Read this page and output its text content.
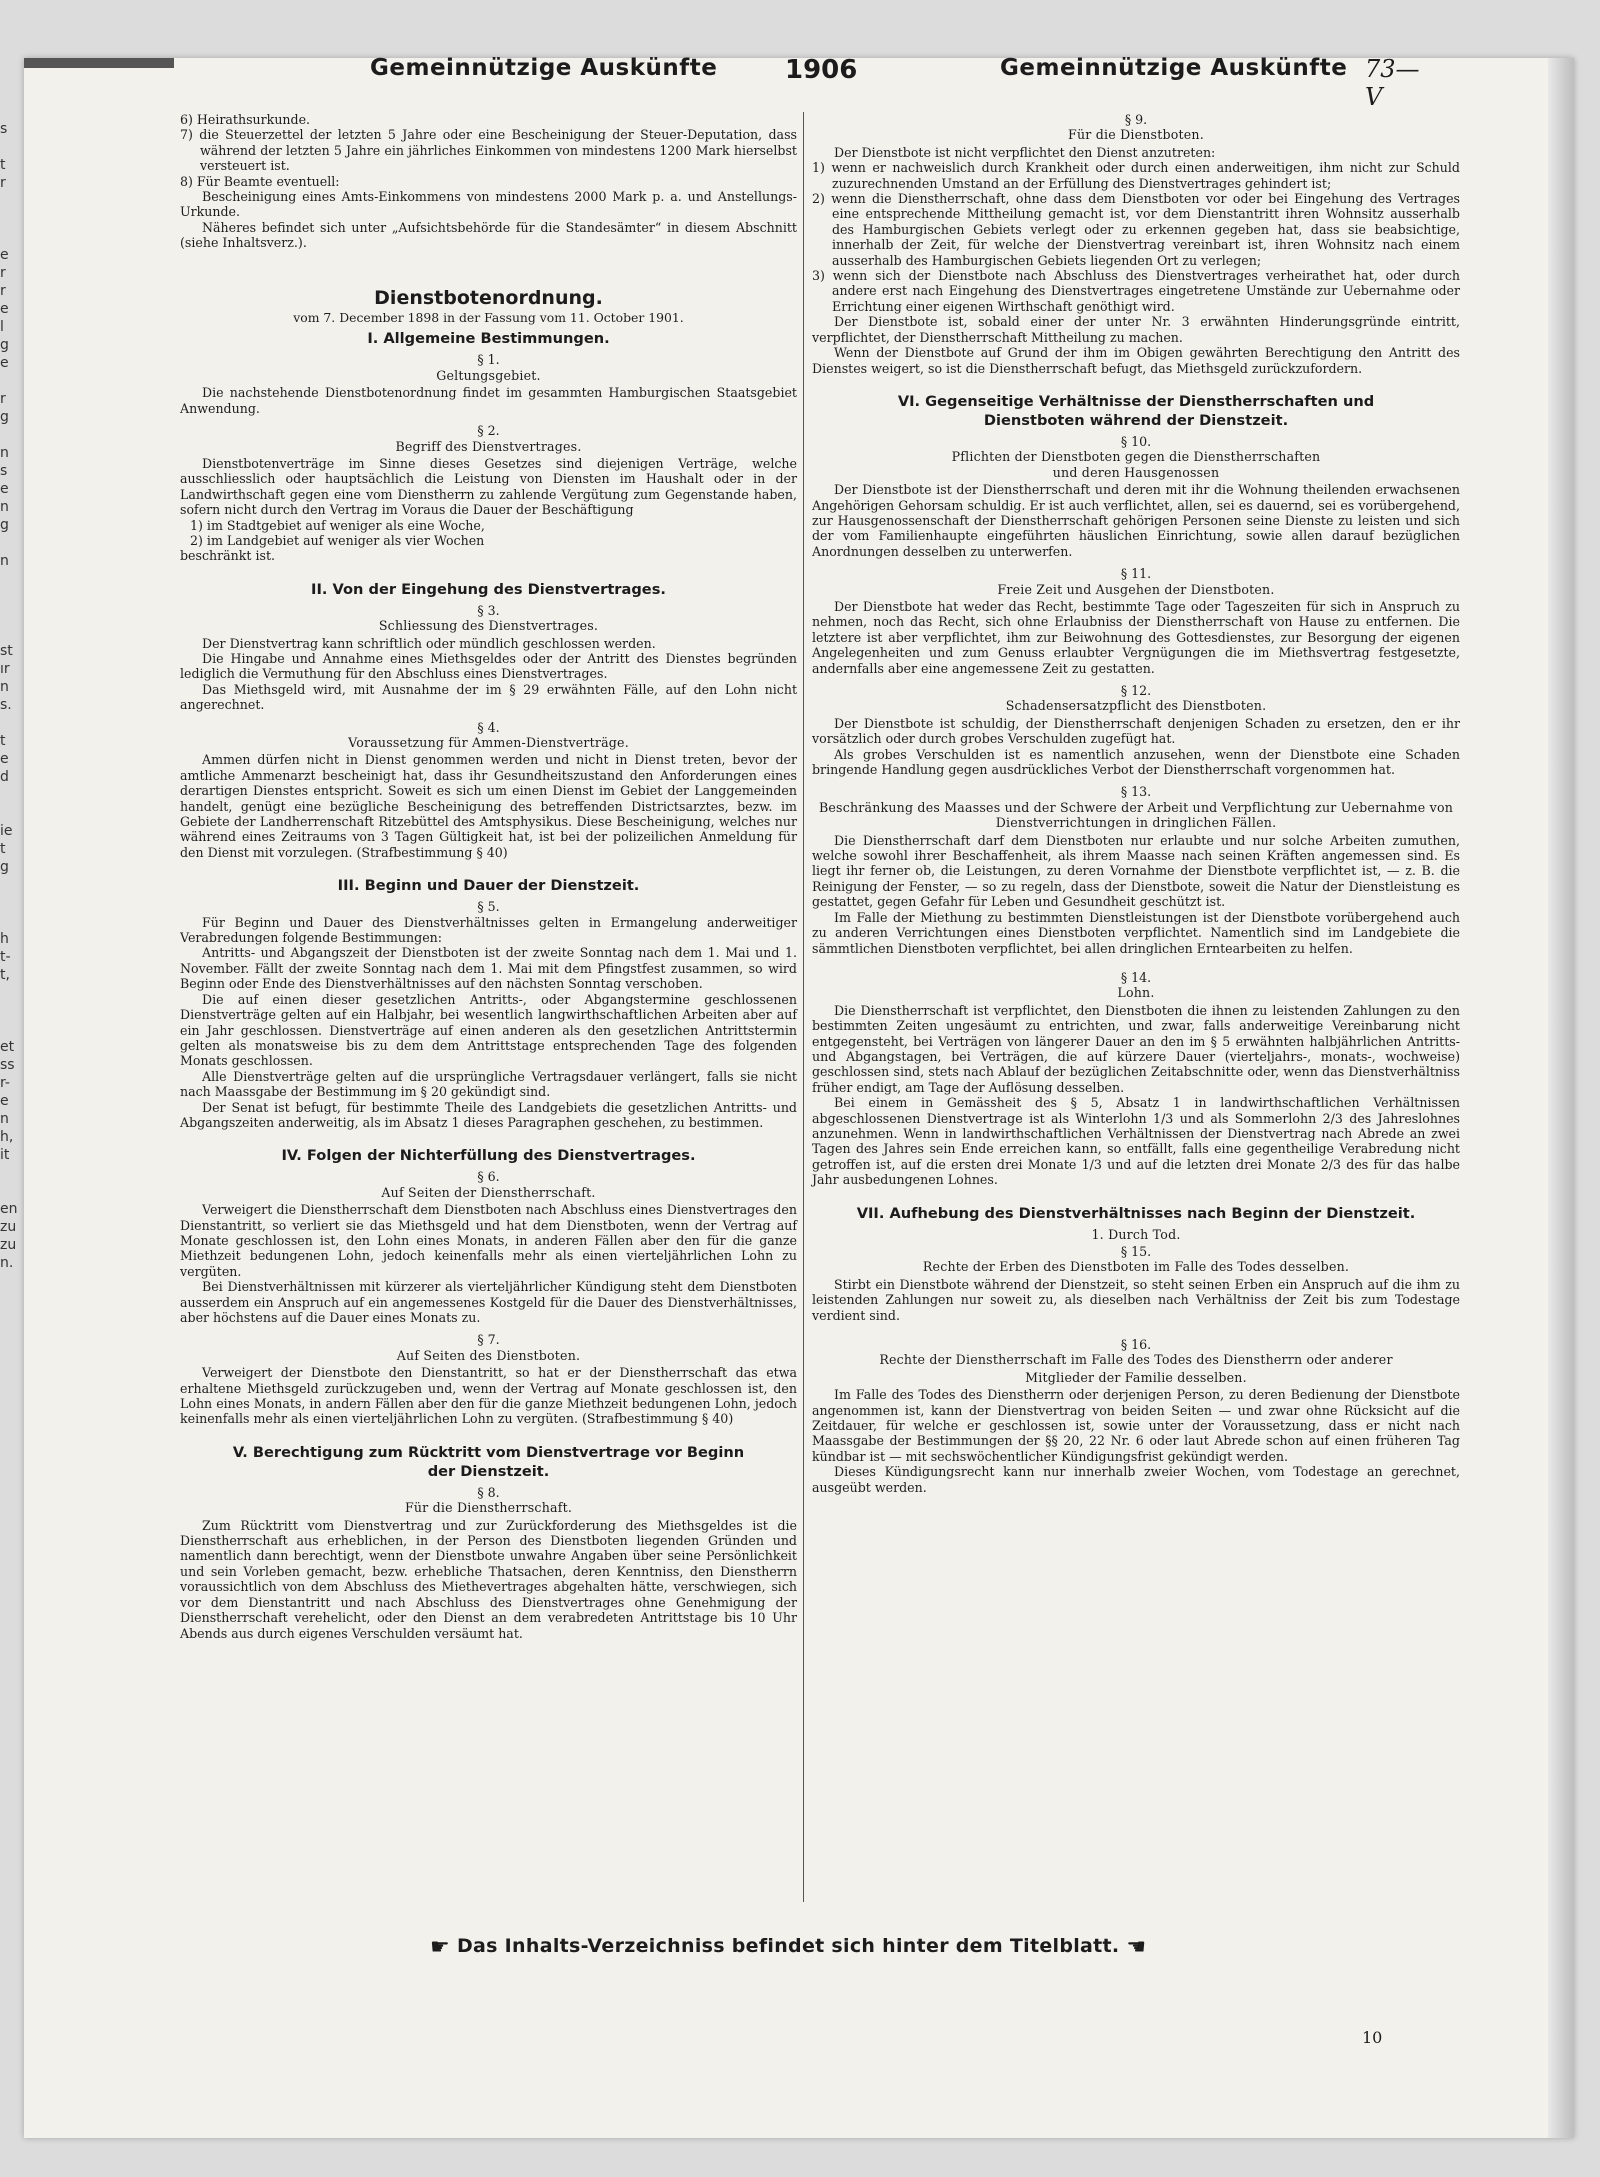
s
t
r
e
r
r
e
l
g
e
r
g
n
s
e
n
g
n
st
ır
n
s.
t
e
d
ie
t
g
h
t-
t,
et
ss
r-
e
n
h,
it
en
zu
zu
n.
Gemeinnützige Auskünfte	1906	Gemeinnützige Auskünfte 73—V
6) Heirathsurkunde.
7) die Steuerzettel der letzten 5 Jahre oder eine Bescheinigung der Steuer-Deputation, dass während der letzten 5 Jahre ein jährliches Einkommen von mindestens 1200 Mark hierselbst versteuert ist.
8) Für Beamte eventuell:

Bescheinigung eines Amts-Einkommens von mindestens 2000 Mark p. a. und Anstellungs-Urkunde.

Näheres befindet sich unter „Aufsichtsbehörde für die Standesämter“ in diesem Abschnitt (siehe Inhaltsverz.).

Dienstbotenordnung.
vom 7. December 1898 in der Fassung vom 11. October 1901.
I. Allgemeine Bestimmungen.
§ 1.
Geltungsgebiet.

Die nachstehende Dienstbotenordnung findet im gesammten Hamburgischen Staatsgebiet Anwendung.

§ 2.
Begriff des Dienstvertrages.

Dienstbotenverträge im Sinne dieses Gesetzes sind diejenigen Verträge, welche ausschliesslich oder hauptsächlich die Leistung von Diensten im Haushalt oder in der Landwirthschaft gegen eine vom Dienstherrn zu zahlende Vergütung zum Gegenstande haben, sofern nicht durch den Vertrag im Voraus die Dauer der Beschäftigung

1) im Stadtgebiet auf weniger als eine Woche,
2) im Landgebiet auf weniger als vier Wochen

beschränkt ist.

II. Von der Eingehung des Dienstvertrages.
§ 3.
Schliessung des Dienstvertrages.

Der Dienstvertrag kann schriftlich oder mündlich geschlossen werden.

Die Hingabe und Annahme eines Miethsgeldes oder der Antritt des Dienstes begründen lediglich die Vermuthung für den Abschluss eines Dienstvertrages.

Das Miethsgeld wird, mit Ausnahme der im § 29 erwähnten Fälle, auf den Lohn nicht angerechnet.

§ 4.
Voraussetzung für Ammen-Dienstverträge.

Ammen dürfen nicht in Dienst genommen werden und nicht in Dienst treten, bevor der amtliche Ammenarzt bescheinigt hat, dass ihr Gesundheitszustand den Anforderungen eines derartigen Dienstes entspricht. Soweit es sich um einen Dienst im Gebiet der Langgemeinden handelt, genügt eine bezügliche Bescheinigung des betreffenden Districtsarztes, bezw. im Gebiete der Landherrenschaft Ritzebüttel des Amtsphysikus. Diese Bescheinigung, welches nur während eines Zeitraums von 3 Tagen Gültigkeit hat, ist bei der polizeilichen Anmeldung für den Dienst mit vorzulegen. (Strafbestimmung § 40)

III. Beginn und Dauer der Dienstzeit.
§ 5.

Für Beginn und Dauer des Dienstverhältnisses gelten in Ermangelung anderweitiger Verabredungen folgende Bestimmungen:

Antritts- und Abgangszeit der Dienstboten ist der zweite Sonntag nach dem 1. Mai und 1. November. Fällt der zweite Sonntag nach dem 1. Mai mit dem Pfingstfest zusammen, so wird Beginn oder Ende des Dienstverhältnisses auf den nächsten Sonntag verschoben.

Die auf einen dieser gesetzlichen Antritts-, oder Abgangstermine geschlossenen Dienstverträge gelten auf ein Halbjahr, bei wesentlich langwirthschaftlichen Arbeiten aber auf ein Jahr geschlossen. Dienstverträge auf einen anderen als den gesetzlichen Antrittstermin gelten als monatsweise bis zu dem dem Antrittstage entsprechenden Tage des folgenden Monats geschlossen.

Alle Dienstverträge gelten auf die ursprüngliche Vertragsdauer verlängert, falls sie nicht nach Maassgabe der Bestimmung im § 20 gekündigt sind.

Der Senat ist befugt, für bestimmte Theile des Landgebiets die gesetzlichen Antritts- und Abgangszeiten anderweitig, als im Absatz 1 dieses Paragraphen geschehen, zu bestimmen.

IV. Folgen der Nichterfüllung des Dienstvertrages.
§ 6.
Auf Seiten der Dienstherrschaft.

Verweigert die Dienstherrschaft dem Dienstboten nach Abschluss eines Dienstvertrages den Dienstantritt, so verliert sie das Miethsgeld und hat dem Dienstboten, wenn der Vertrag auf Monate geschlossen ist, den Lohn eines Monats, in anderen Fällen aber den für die ganze Miethzeit bedungenen Lohn, jedoch keinenfalls mehr als einen vierteljährlichen Lohn zu vergüten.

Bei Dienstverhältnissen mit kürzerer als vierteljährlicher Kündigung steht dem Dienstboten ausserdem ein Anspruch auf ein angemessenes Kostgeld für die Dauer des Dienstverhältnisses, aber höchstens auf die Dauer eines Monats zu.

§ 7.
Auf Seiten des Dienstboten.

Verweigert der Dienstbote den Dienstantritt, so hat er der Dienstherrschaft das etwa erhaltene Miethsgeld zurückzugeben und, wenn der Vertrag auf Monate geschlossen ist, den Lohn eines Monats, in andern Fällen aber den für die ganze Miethzeit bedungenen Lohn, jedoch keinenfalls mehr als einen vierteljährlichen Lohn zu vergüten. (Strafbestimmung § 40)

V. Berechtigung zum Rücktritt vom Dienstvertrage vor Beginn der Dienstzeit.
§ 8.
Für die Dienstherrschaft.

Zum Rücktritt vom Dienstvertrag und zur Zurückforderung des Miethsgeldes ist die Dienstherrschaft aus erheblichen, in der Person des Dienstboten liegenden Gründen und namentlich dann berechtigt, wenn der Dienstbote unwahre Angaben über seine Persönlichkeit und sein Vorleben gemacht, bezw. erhebliche Thatsachen, deren Kenntniss, den Dienstherrn voraussichtlich von dem Abschluss des Miethevertrages abgehalten hätte, verschwiegen, sich vor dem Dienstantritt und nach Abschluss des Dienstvertrages ohne Genehmigung der Dienstherrschaft verehelicht, oder den Dienst an dem verabredeten Antrittstage bis 10 Uhr Abends aus durch eigenes Verschulden versäumt hat.

§ 9.
Für die Dienstboten.

Der Dienstbote ist nicht verpflichtet den Dienst anzutreten:

1) wenn er nachweislich durch Krankheit oder durch einen anderweitigen, ihm nicht zur Schuld zuzurechnenden Umstand an der Erfüllung des Dienstvertrages gehindert ist;
2) wenn die Dienstherrschaft, ohne dass dem Dienstboten vor oder bei Eingehung des Vertrages eine entsprechende Mittheilung gemacht ist, vor dem Dienstantritt ihren Wohnsitz ausserhalb des Hamburgischen Gebiets verlegt oder zu erkennen gegeben hat, dass sie beabsichtige, innerhalb der Zeit, für welche der Dienstvertrag vereinbart ist, ihren Wohnsitz nach einem ausserhalb des Hamburgischen Gebiets liegenden Ort zu verlegen;
3) wenn sich der Dienstbote nach Abschluss des Dienstvertrages verheirathet hat, oder durch andere erst nach Eingehung des Dienstvertrages eingetretene Umstände zur Uebernahme oder Errichtung einer eigenen Wirthschaft genöthigt wird.

Der Dienstbote ist, sobald einer der unter Nr. 3 erwähnten Hinderungsgründe eintritt, verpflichtet, der Dienstherrschaft Mittheilung zu machen.

Wenn der Dienstbote auf Grund der ihm im Obigen gewährten Berechtigung den Antritt des Dienstes weigert, so ist die Dienstherrschaft befugt, das Miethsgeld zurückzufordern.

VI. Gegenseitige Verhältnisse der Dienstherrschaften und Dienstboten während der Dienstzeit.
§ 10.
Pflichten der Dienstboten gegen die Dienstherrschaften und deren Hausgenossen

Der Dienstbote ist der Dienstherrschaft und deren mit ihr die Wohnung theilenden erwachsenen Angehörigen Gehorsam schuldig. Er ist auch verflichtet, allen, sei es dauernd, sei es vorübergehend, zur Hausgenossenschaft der Dienstherrschaft gehörigen Personen seine Dienste zu leisten und sich der vom Familienhaupte eingeführten häuslichen Einrichtung, sowie allen darauf bezüglichen Anordnungen desselben zu unterwerfen.

§ 11.
Freie Zeit und Ausgehen der Dienstboten.

Der Dienstbote hat weder das Recht, bestimmte Tage oder Tageszeiten für sich in Anspruch zu nehmen, noch das Recht, sich ohne Erlaubniss der Dienstherrschaft von Hause zu entfernen. Die letztere ist aber verpflichtet, ihm zur Beiwohnung des Gottesdienstes, zur Besorgung der eigenen Angelegenheiten und zum Genuss erlaubter Vergnügungen die im Miethsvertrag festgesetzte, andernfalls aber eine angemessene Zeit zu gestatten.

§ 12.
Schadensersatzpflicht des Dienstboten.

Der Dienstbote ist schuldig, der Dienstherrschaft denjenigen Schaden zu ersetzen, den er ihr vorsätzlich oder durch grobes Verschulden zugefügt hat.

Als grobes Verschulden ist es namentlich anzusehen, wenn der Dienstbote eine Schaden bringende Handlung gegen ausdrückliches Verbot der Dienstherrschaft vorgenommen hat.

§ 13.
Beschränkung des Maasses und der Schwere der Arbeit und Verpflichtung zur Uebernahme von Dienstverrichtungen in dringlichen Fällen.

Die Dienstherrschaft darf dem Dienstboten nur erlaubte und nur solche Arbeiten zumuthen, welche sowohl ihrer Beschaffenheit, als ihrem Maasse nach seinen Kräften angemessen sind. Es liegt ihr ferner ob, die Leistungen, zu deren Vornahme der Dienstbote verpflichtet ist, — z. B. die Reinigung der Fenster, — so zu regeln, dass der Dienstbote, soweit die Natur der Dienstleistung es gestattet, gegen Gefahr für Leben und Gesundheit geschützt ist.

Im Falle der Miethung zu bestimmten Dienstleistungen ist der Dienstbote vorübergehend auch zu anderen Verrichtungen eines Dienstboten verpflichtet. Namentlich sind im Landgebiete die sämmtlichen Dienstboten verpflichtet, bei allen dringlichen Erntearbeiten zu helfen.

§ 14.
Lohn.

Die Dienstherrschaft ist verpflichtet, den Dienstboten die ihnen zu leistenden Zahlungen zu den bestimmten Zeiten ungesäumt zu entrichten, und zwar, falls anderweitige Vereinbarung nicht entgegensteht, bei Verträgen von längerer Dauer an den im § 5 erwähnten halbjährlichen Antritts- und Abgangstagen, bei Verträgen, die auf kürzere Dauer (vierteljahrs-, monats-, wochweise) geschlossen sind, stets nach Ablauf der bezüglichen Zeitabschnitte oder, wenn das Dienstverhältniss früher endigt, am Tage der Auflösung desselben.

Bei einem in Gemässheit des § 5, Absatz 1 in landwirthschaftlichen Verhältnissen abgeschlossenen Dienstvertrage ist als Winterlohn 1/3 und als Sommerlohn 2/3 des Jahreslohnes anzunehmen. Wenn in landwirthschaftlichen Verhältnissen der Dienstvertrag nach Abrede an zwei Tagen des Jahres sein Ende erreichen kann, so entfällt, falls eine gegentheilige Verabredung nicht getroffen ist, auf die ersten drei Monate 1/3 und auf die letzten drei Monate 2/3 des für das halbe Jahr ausbedungenen Lohnes.

VII. Aufhebung des Dienstverhältnisses nach Beginn der Dienstzeit.
1. Durch Tod.
§ 15.
Rechte der Erben des Dienstboten im Falle des Todes desselben.

Stirbt ein Dienstbote während der Dienstzeit, so steht seinen Erben ein Anspruch auf die ihm zu leistenden Zahlungen nur soweit zu, als dieselben nach Verhältniss der Zeit bis zum Todestage verdient sind.

§ 16.
Rechte der Dienstherrschaft im Falle des Todes des Dienstherrn oder anderer
Mitglieder der Familie desselben.

Im Falle des Todes des Dienstherrn oder derjenigen Person, zu deren Bedienung der Dienstbote angenommen ist, kann der Dienstvertrag von beiden Seiten — und zwar ohne Rücksicht auf die Zeitdauer, für welche er geschlossen ist, sowie unter der Voraussetzung, dass er nicht nach Maassgabe der Bestimmungen der §§ 20, 22 Nr. 6 oder laut Abrede schon auf einen früheren Tag kündbar ist — mit sechswöchentlicher Kündigungsfrist gekündigt werden.

Dieses Kündigungsrecht kann nur innerhalb zweier Wochen, vom Todestage an gerechnet, ausgeübt werden.

☛ Das Inhalts-Verzeichniss befindet sich hinter dem Titelblatt. ☚
10
